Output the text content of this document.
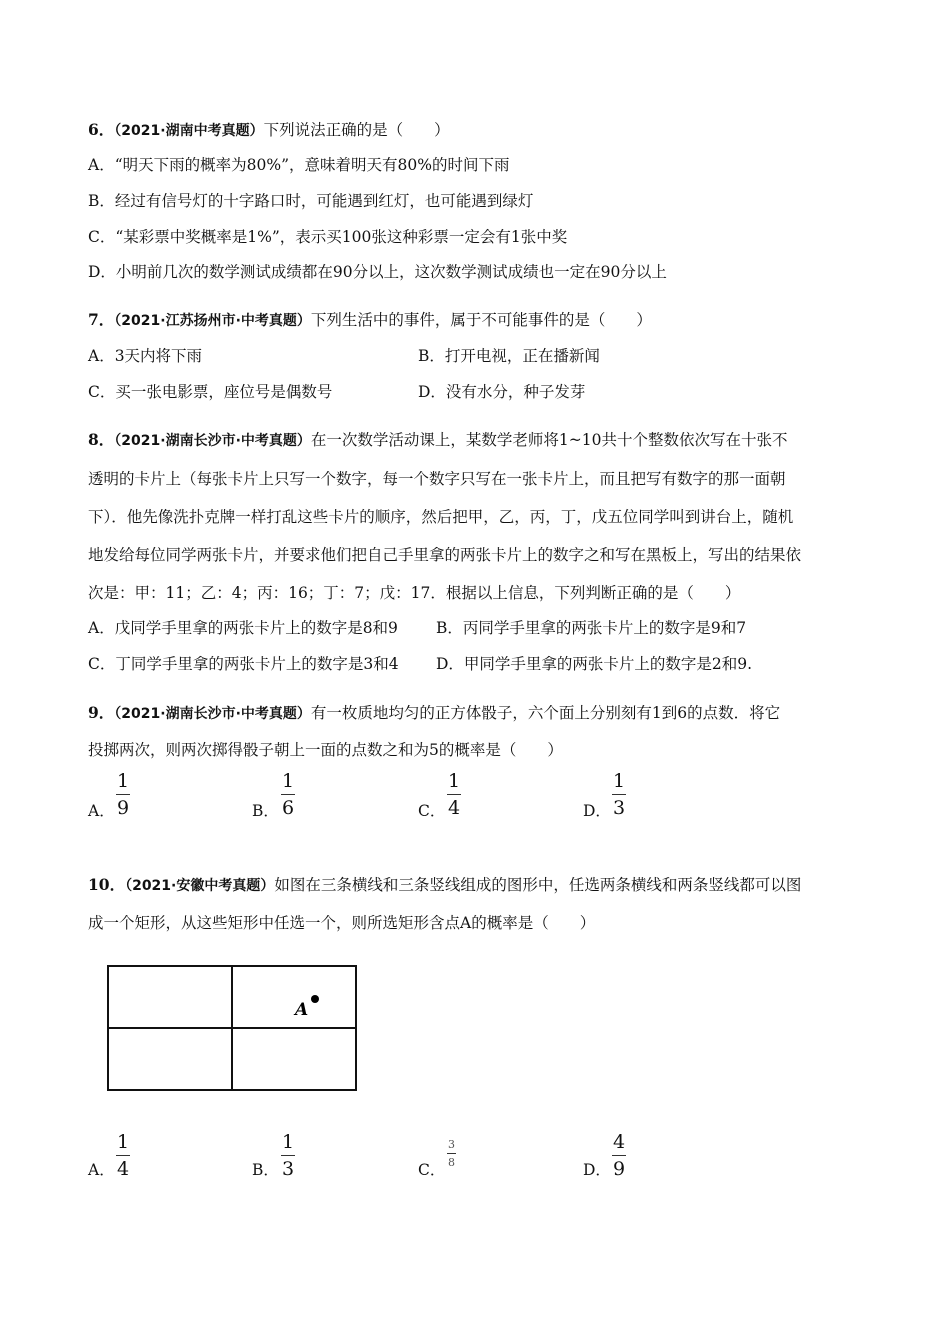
6．（2021·湖南中考真题）下列说法正确的是（　　）
A．“明天下雨的概率为80%”，意味着明天有80%的时间下雨
B．经过有信号灯的十字路口时，可能遇到红灯，也可能遇到绿灯
C．“某彩票中奖概率是1%”，表示买100张这种彩票一定会有1张中奖
D．小明前几次的数学测试成绩都在90分以上，这次数学测试成绩也一定在90分以上
7．（2021·江苏扬州市·中考真题）下列生活中的事件，属于不可能事件的是（　　）
A．3天内将下雨	B．打开电视，正在播新闻
C．买一张电影票，座位号是偶数号	D．没有水分，种子发芽
8．（2021·湖南长沙市·中考真题）在一次数学活动课上，某数学老师将1~10共十个整数依次写在十张不
透明的卡片上（每张卡片上只写一个数字，每一个数字只写在一张卡片上，而且把写有数字的那一面朝
下）．他先像洗扑克牌一样打乱这些卡片的顺序，然后把甲，乙，丙，丁，戊五位同学叫到讲台上，随机
地发给每位同学两张卡片，并要求他们把自己手里拿的两张卡片上的数字之和写在黑板上，写出的结果依
次是：甲：11；乙：4；丙：16；丁：7；戊：17．根据以上信息，下列判断正确的是（　　）
A．戊同学手里拿的两张卡片上的数字是8和9 B．丙同学手里拿的两张卡片上的数字是9和7
C．丁同学手里拿的两张卡片上的数字是3和4 D．甲同学手里拿的两张卡片上的数字是2和9.
9．（2021·湖南长沙市·中考真题）有一枚质地均匀的正方体骰子，六个面上分别刻有1到6的点数．将它
投掷两次，则两次掷得骰子朝上一面的点数之和为5的概率是（　　）
A．
1
9	B．
1
6	C．
1
4	D．
1
3
10．（2021·安徽中考真题）如图在三条横线和三条竖线组成的图形中，任选两条横线和两条竖线都可以图
成一个矩形，从这些矩形中任选一个，则所选矩形含点A的概率是（　　）
A
A．
1
4	B．
1
3	C．
3
8	D．
4
9
